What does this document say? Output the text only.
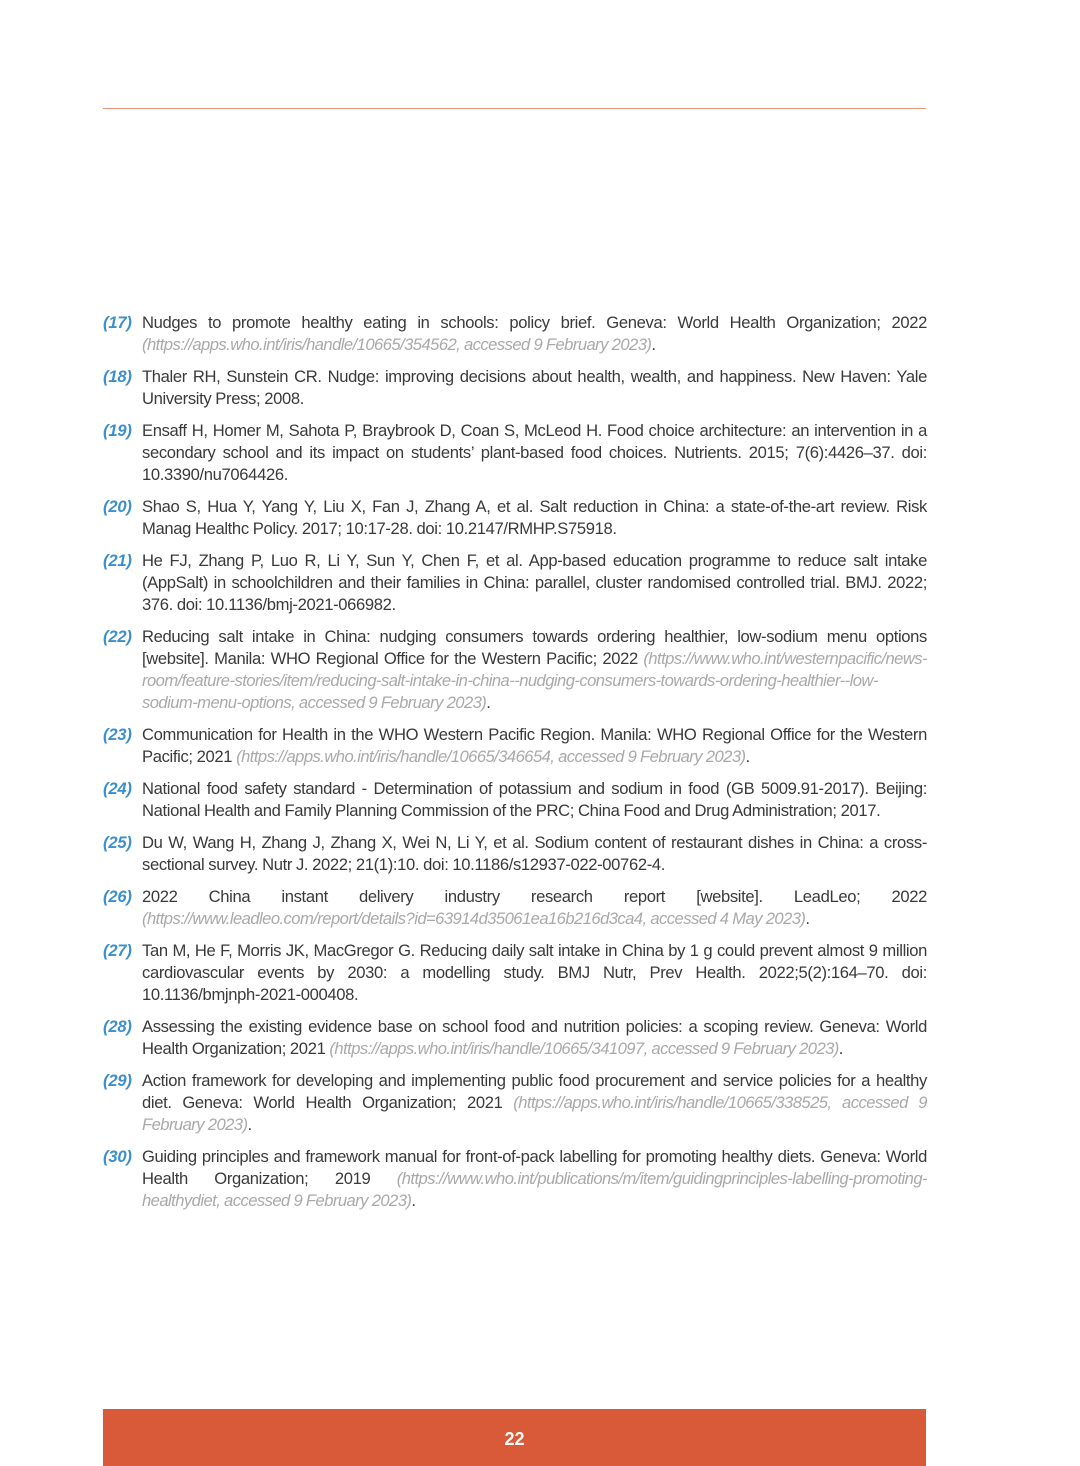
(17) Nudges to promote healthy eating in schools: policy brief. Geneva: World Health Organization; 2022 (https://apps.who.int/iris/handle/10665/354562, accessed 9 February 2023).
(18) Thaler RH, Sunstein CR. Nudge: improving decisions about health, wealth, and happiness. New Haven: Yale University Press; 2008.
(19) Ensaff H, Homer M, Sahota P, Braybrook D, Coan S, McLeod H. Food choice architecture: an intervention in a secondary school and its impact on students’ plant-based food choices. Nutrients. 2015; 7(6):4426–37. doi: 10.3390/nu7064426.
(20) Shao S, Hua Y, Yang Y, Liu X, Fan J, Zhang A, et al. Salt reduction in China: a state-of-the-art review. Risk Manag Healthc Policy. 2017; 10:17-28. doi: 10.2147/RMHP.S75918.
(21) He FJ, Zhang P, Luo R, Li Y, Sun Y, Chen F, et al. App-based education programme to reduce salt intake (AppSalt) in schoolchildren and their families in China: parallel, cluster randomised controlled trial. BMJ. 2022; 376. doi: 10.1136/bmj-2021-066982.
(22) Reducing salt intake in China: nudging consumers towards ordering healthier, low-sodium menu options [website]. Manila: WHO Regional Office for the Western Pacific; 2022 (https://www.who.int/westernpacific/news-room/feature-stories/item/reducing-salt-intake-in-china--nudging-consumers-towards-ordering-healthier--low-sodium-menu-options, accessed 9 February 2023).
(23) Communication for Health in the WHO Western Pacific Region. Manila: WHO Regional Office for the Western Pacific; 2021 (https://apps.who.int/iris/handle/10665/346654, accessed 9 February 2023).
(24) National food safety standard - Determination of potassium and sodium in food (GB 5009.91-2017). Beijing: National Health and Family Planning Commission of the PRC; China Food and Drug Administration; 2017.
(25) Du W, Wang H, Zhang J, Zhang X, Wei N, Li Y, et al. Sodium content of restaurant dishes in China: a cross-sectional survey. Nutr J. 2022; 21(1):10. doi: 10.1186/s12937-022-00762-4.
(26) 2022 China instant delivery industry research report [website]. LeadLeo; 2022 (https://www.leadleo.com/report/details?id=63914d35061ea16b216d3ca4, accessed 4 May 2023).
(27) Tan M, He F, Morris JK, MacGregor G. Reducing daily salt intake in China by 1 g could prevent almost 9 million cardiovascular events by 2030: a modelling study. BMJ Nutr, Prev Health. 2022;5(2):164–70. doi: 10.1136/bmjnph-2021-000408.
(28) Assessing the existing evidence base on school food and nutrition policies: a scoping review. Geneva: World Health Organization; 2021 (https://apps.who.int/iris/handle/10665/341097, accessed 9 February 2023).
(29) Action framework for developing and implementing public food procurement and service policies for a healthy diet. Geneva: World Health Organization; 2021 (https://apps.who.int/iris/handle/10665/338525, accessed 9 February 2023).
(30) Guiding principles and framework manual for front-of-pack labelling for promoting healthy diets. Geneva: World Health Organization; 2019 (https://www.who.int/publications/m/item/guidingprinciples-labelling-promoting-healthydiet, accessed 9 February 2023).
22
